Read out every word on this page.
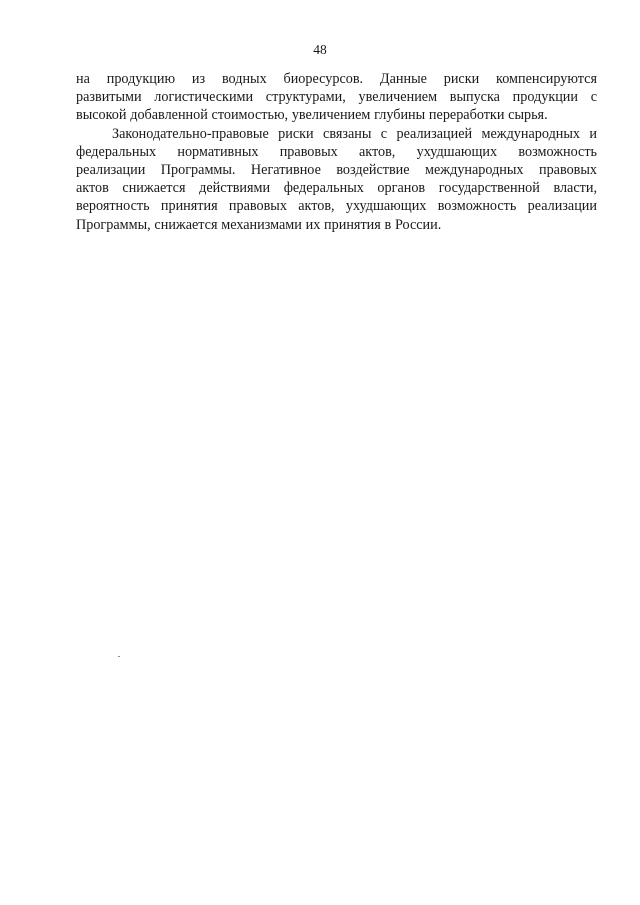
48

на продукцию из водных биоресурсов. Данные риски компенсируются
развитыми логистическими структурами, увеличением выпуска продукции с
высокой добавленной стоимостью, увеличением глубины переработки сырья.

Законодательно-правовые риски связаны с реализацией международных и
федеральных нормативных правовых актов, ухудшающих возможность
реализации Программы. Негативное воздействие международных правовых
актов снижается действиями федеральных органов государственной власти,
вероятность принятия правовых актов, ухудшающих возможность реализации
Программы, снижается механизмами их принятия в России.
